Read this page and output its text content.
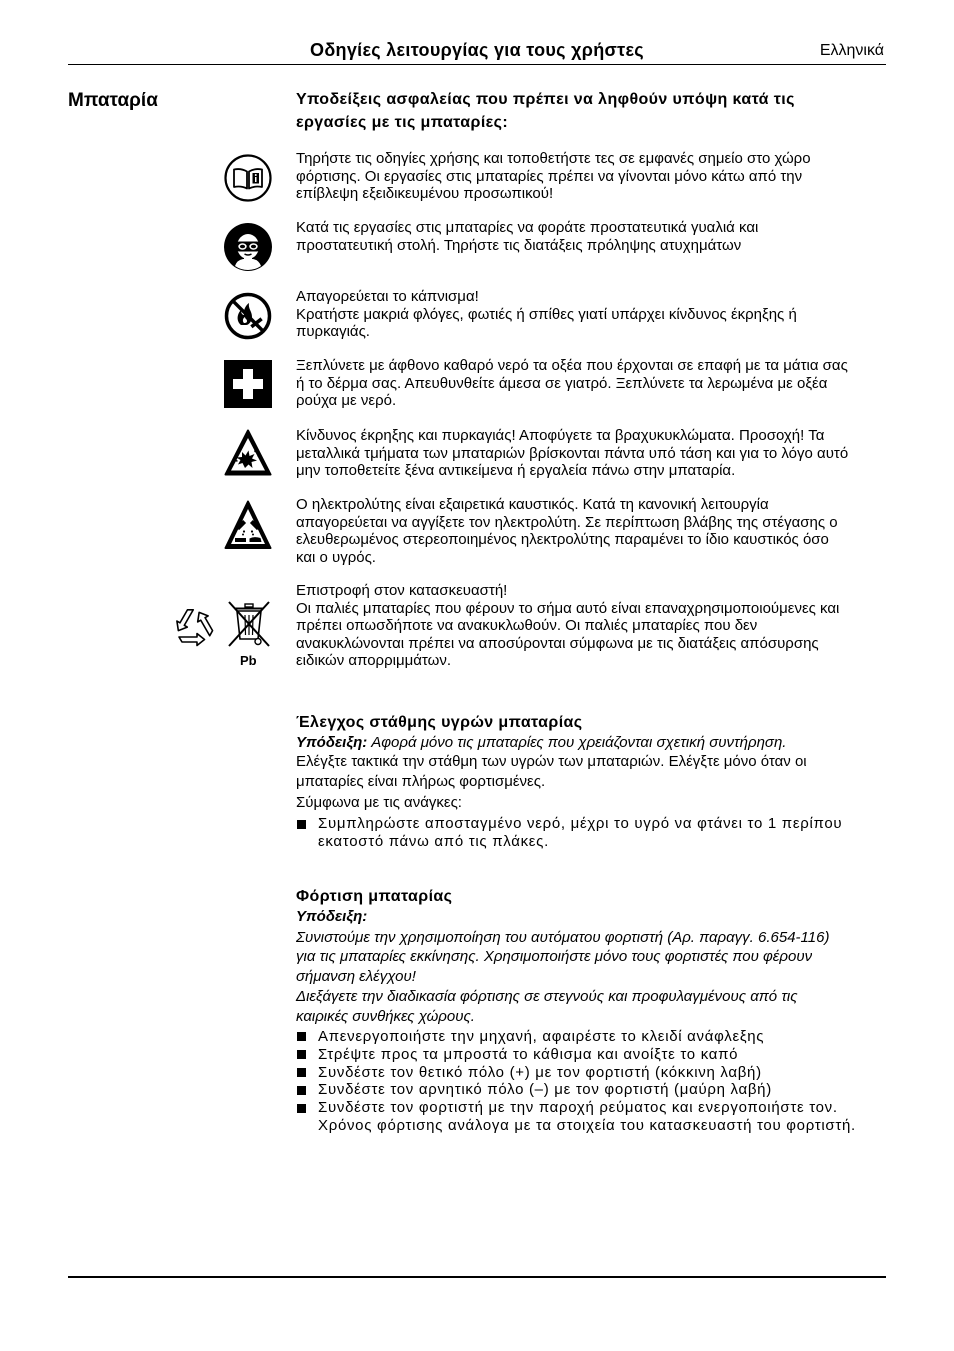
Οδηγίες λειτουργίας για τους χρήστες	Ελληνικά
Μπαταρία	Υποδείξεις ασφαλείας που πρέπει να ληφθούν υπόψη κατά τις
εργασίες με τις μπαταρίες:
Τηρήστε τις οδηγίες χρήσης και τοποθετήστε τες σε εμφανές σημείο στο χώρο
φόρτισης. Οι εργασίες στις μπαταρίες πρέπει να γίνονται μόνο κάτω από την
επίβλεψη εξειδικευμένου προσωπικού!
Κατά τις εργασίες στις μπαταρίες να φοράτε προστατευτικά γυαλιά και
προστατευτική στολή. Τηρήστε τις διατάξεις πρόληψης ατυχημάτων
Απαγορεύεται το κάπνισμα!
Κρατήστε μακριά φλόγες, φωτιές ή σπίθες γιατί υπάρχει κίνδυνος έκρηξης ή
πυρκαγιάς.
Ξεπλύνετε με άφθονο καθαρό νερό τα οξέα που έρχονται σε επαφή με τα μάτια σας
ή το δέρμα σας. Απευθυνθείτε άμεσα σε γιατρό. Ξεπλύνετε τα λερωμένα με οξέα
ρούχα με νερό.
Κίνδυνος έκρηξης και πυρκαγιάς! Αποφύγετε τα βραχυκυκλώματα. Προσοχή! Τα
μεταλλικά τμήματα των μπαταριών βρίσκονται πάντα υπό τάση και για το λόγο αυτό
μην τοποθετείτε ξένα αντικείμενα ή εργαλεία πάνω στην μπαταρία.
Ο ηλεκτρολύτης είναι εξαιρετικά καυστικός. Κατά τη κανονική λειτουργία
απαγορεύεται να αγγίξετε τον ηλεκτρολύτη. Σε περίπτωση βλάβης της στέγασης ο
ελευθερωμένος στερεοποιημένος ηλεκτρολύτης παραμένει το ίδιο καυστικός όσο
και ο υγρός.
Pb
Επιστροφή στον κατασκευαστή!
Οι παλιές μπαταρίες που φέρουν το σήμα αυτό είναι επαναχρησιμοποιούμενες και
πρέπει οπωσδήποτε να ανακυκλωθούν. Οι παλιές μπαταρίες που δεν
ανακυκλώνονται πρέπει να αποσύρονται σύμφωνα με τις διατάξεις απόσυρσης
ειδικών απορριμμάτων.
Έλεγχος στάθμης υγρών μπαταρίας
Υπόδειξη: Αφορά μόνο τις μπαταρίες που χρειάζονται σχετική συντήρηση.
Ελέγξτε τακτικά την στάθμη των υγρών των μπαταριών. Ελέγξτε μόνο όταν οι
μπαταρίες είναι πλήρως φορτισμένες.
Σύμφωνα με τις ανάγκες:
Συμπληρώστε αποσταγμένο νερό, μέχρι το υγρό να φτάνει το 1 περίπου
εκατοστό πάνω από τις πλάκες.
Φόρτιση μπαταρίας
Υπόδειξη:
Συνιστούμε την χρησιμοποίηση του αυτόματου φορτιστή (Αρ. παραγγ. 6.654-116)
για τις μπαταρίες εκκίνησης. Χρησιμοποιήστε μόνο τους φορτιστές που φέρουν
σήμανση ελέγχου!
Διεξάγετε την διαδικασία φόρτισης σε στεγνούς και προφυλαγμένους από τις
καιρικές συνθήκες χώρους.
Απενεργοποιήστε την μηχανή, αφαιρέστε το κλειδί ανάφλεξης
Στρέψτε προς τα μπροστά το κάθισμα και ανοίξτε το καπό
Συνδέστε τον θετικό πόλο (+) με τον φορτιστή (κόκκινη λαβή)
Συνδέστε τον αρνητικό πόλο (–) με τον φορτιστή (μαύρη λαβή)
Συνδέστε τον φορτιστή με την παροχή ρεύματος και ενεργοποιήστε τον.
Χρόνος φόρτισης ανάλογα με τα στοιχεία του κατασκευαστή του φορτιστή.
